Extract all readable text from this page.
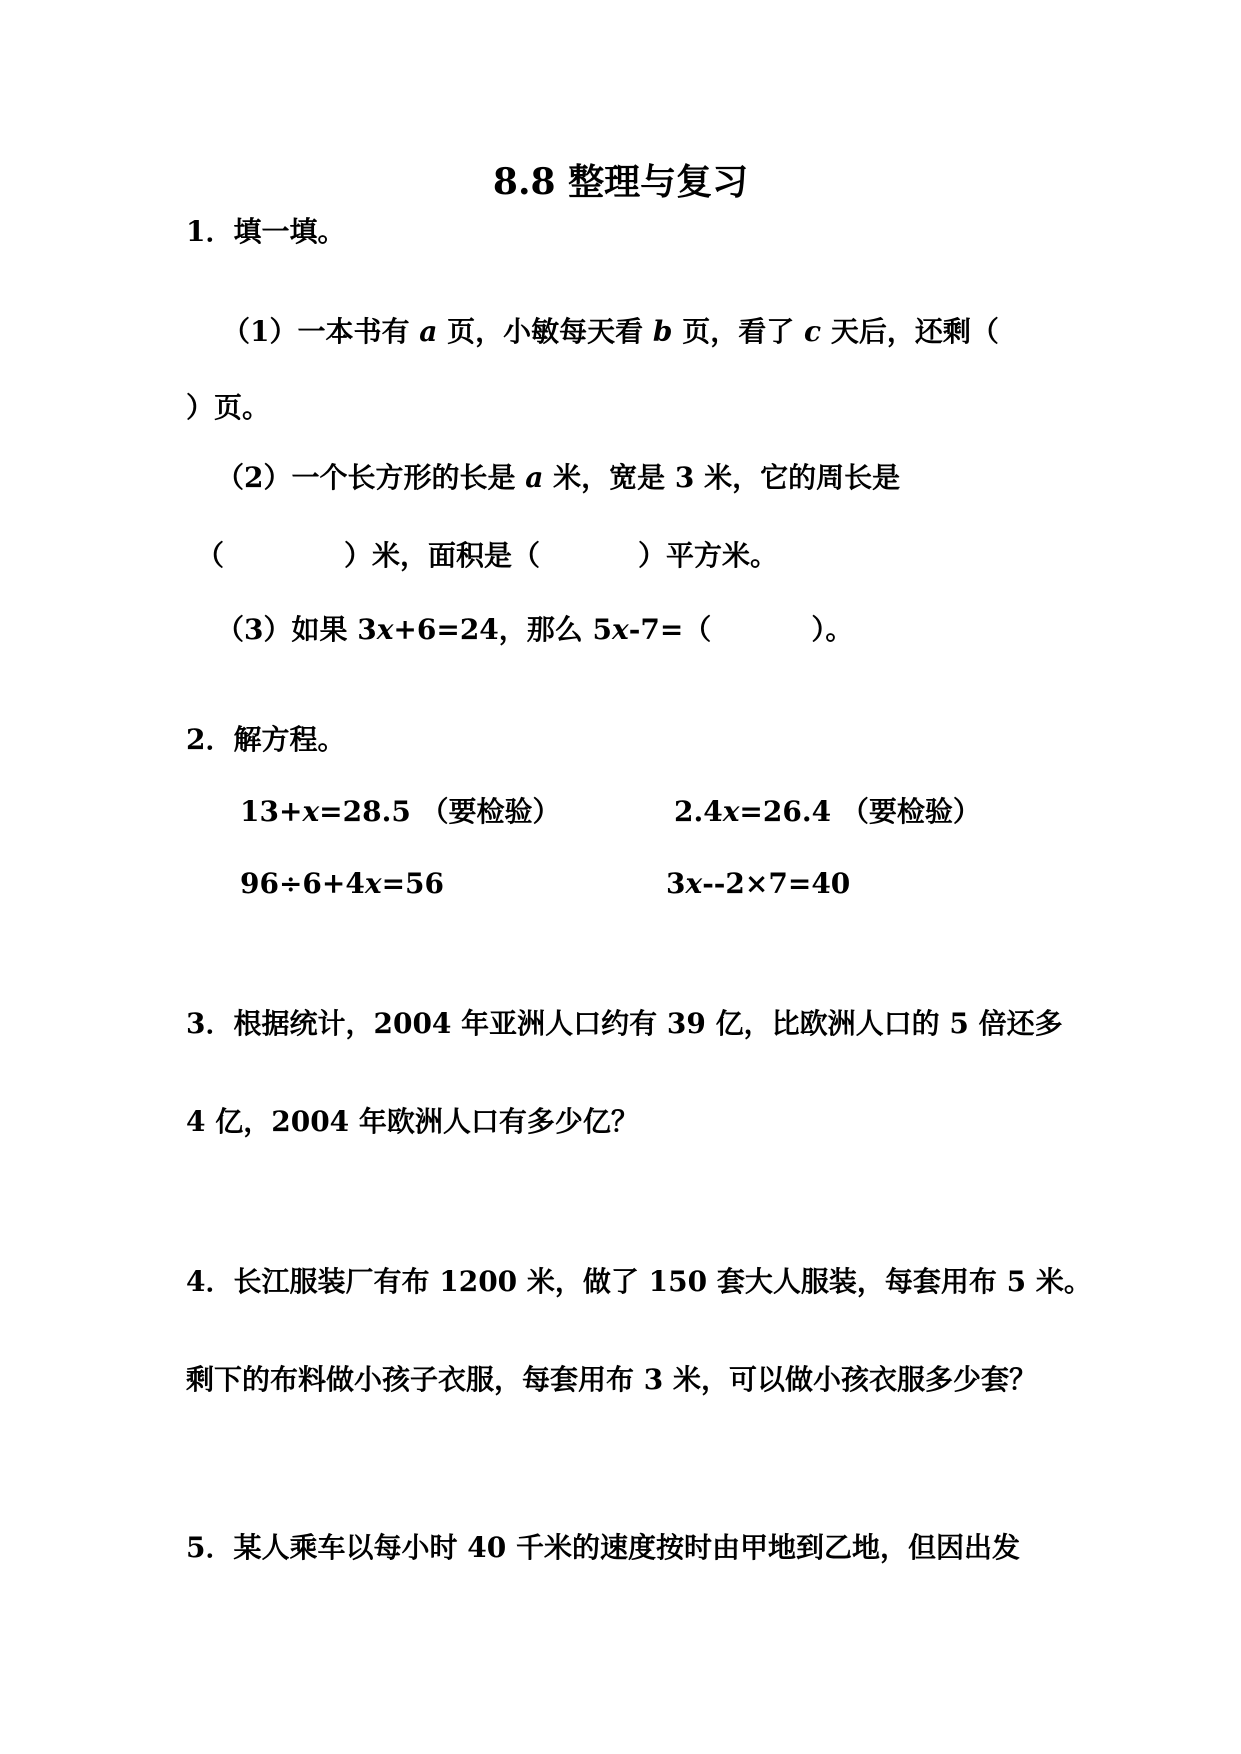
8.8 整理与复习
1．填一填。
（1）一本书有 a 页，小敏每天看 b 页，看了 c 天后，还剩（
）页。
（2）一个长方形的长是 a 米，宽是 3 米，它的周长是
（	）米，面积是（	）平方米。
（3）如果 3x+6=24，那么 5x-7=（	）。
2．解方程。
13+x=28.5 （要检验）	2.4x=26.4 （要检验）
96÷6+4x=56	3x--2×7=40
3．根据统计，2004 年亚洲人口约有 39 亿，比欧洲人口的 5 倍还多
4 亿，2004 年欧洲人口有多少亿？
4．长江服装厂有布 1200 米，做了 150 套大人服装，每套用布 5 米。
剩下的布料做小孩子衣服，每套用布 3 米，可以做小孩衣服多少套？
5．某人乘车以每小时 40 千米的速度按时由甲地到乙地，但因出发
